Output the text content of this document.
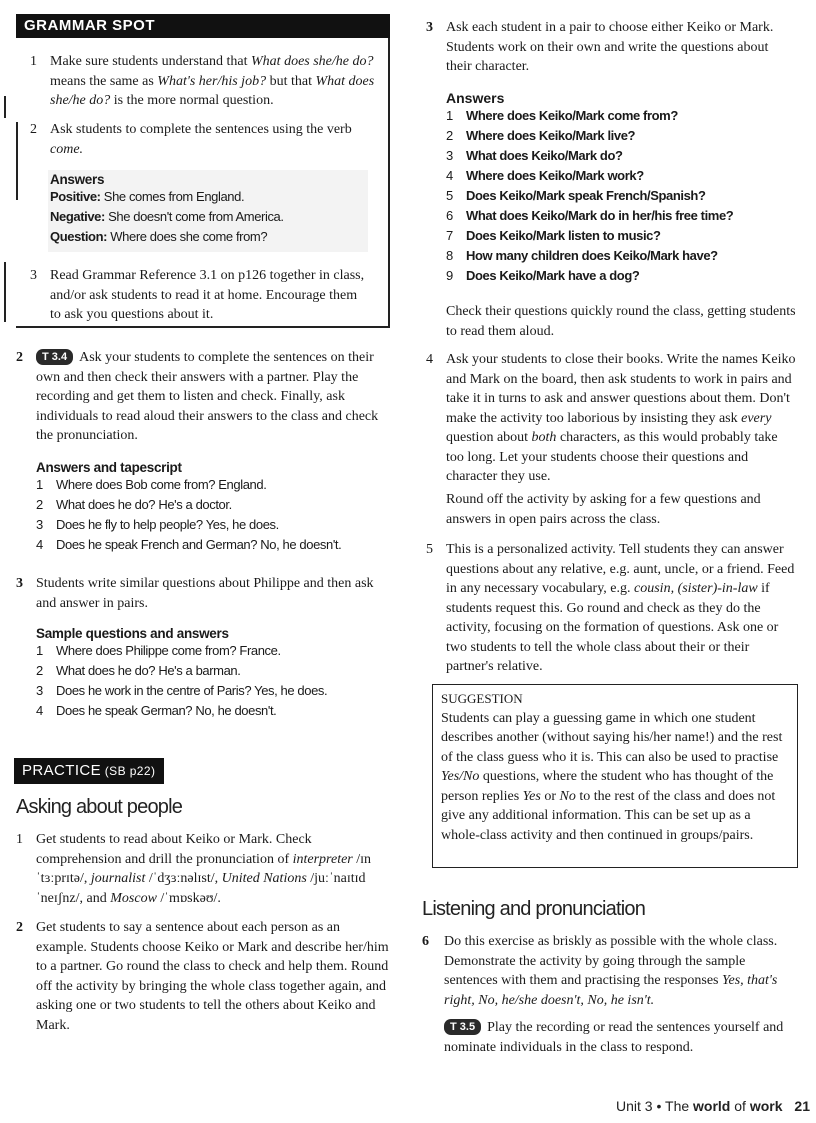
GRAMMAR SPOT
1 Make sure students understand that What does she/he do? means the same as What's her/his job? but that What does she/he do? is the more normal question.
2 Ask students to complete the sentences using the verb come.
Answers
Positive: She comes from England.
Negative: She doesn't come from America.
Question: Where does she come from?
3 Read Grammar Reference 3.1 on p126 together in class, and/or ask students to read it at home. Encourage them to ask you questions about it.
2	T 3.4 Ask your students to complete the sentences on their own and then check their answers with a partner. Play the recording and get them to listen and check. Finally, ask individuals to read aloud their answers to the class and check the pronunciation.
Answers and tapescript
1 Where does Bob come from? England.
2 What does he do? He's a doctor.
3 Does he fly to help people? Yes, he does.
4 Does he speak French and German? No, he doesn't.
3 Students write similar questions about Philippe and then ask and answer in pairs.
Sample questions and answers
1 Where does Philippe come from? France.
2 What does he do? He's a barman.
3 Does he work in the centre of Paris? Yes, he does.
4 Does he speak German? No, he doesn't.
PRACTICE (SB p22)
Asking about people
1 Get students to read about Keiko or Mark. Check comprehension and drill the pronunciation of interpreter /ɪnˈtɜːprɪtə/, journalist /ˈdʒɜːnəlɪst/, United Nations /juːˈnaɪtɪd ˈneɪʃnz/, and Moscow /ˈmɒskəʊ/.
2 Get students to say a sentence about each person as an example. Students choose Keiko or Mark and describe her/him to a partner. Go round the class to check and help them. Round off the activity by bringing the whole class together again, and asking one or two students to tell the others about Keiko and Mark.
3 Ask each student in a pair to choose either Keiko or Mark. Students work on their own and write the questions about their character.
Answers
1 Where does Keiko/Mark come from?
2 Where does Keiko/Mark live?
3 What does Keiko/Mark do?
4 Where does Keiko/Mark work?
5 Does Keiko/Mark speak French/Spanish?
6 What does Keiko/Mark do in her/his free time?
7 Does Keiko/Mark listen to music?
8 How many children does Keiko/Mark have?
9 Does Keiko/Mark have a dog?
Check their questions quickly round the class, getting students to read them aloud.
4 Ask your students to close their books. Write the names Keiko and Mark on the board, then ask students to work in pairs and take it in turns to ask and answer questions about them. Don't make the activity too laborious by insisting they ask every question about both characters, as this would probably take too long. Let your students choose their questions and character they use.
Round off the activity by asking for a few questions and answers in open pairs across the class.
5 This is a personalized activity. Tell students they can answer questions about any relative, e.g. aunt, uncle, or a friend. Feed in any necessary vocabulary, e.g. cousin, (sister)-in-law if students request this. Go round and check as they do the activity, focusing on the formation of questions. Ask one or two students to tell the whole class about their or their partner's relative.
SUGGESTION
Students can play a guessing game in which one student describes another (without saying his/her name!) and the rest of the class guess who it is. This can also be used to practise Yes/No questions, where the student who has thought of the person replies Yes or No to the rest of the class and does not give any additional information. This can be set up as a whole-class activity and then continued in groups/pairs.
Listening and pronunciation
6 Do this exercise as briskly as possible with the whole class. Demonstrate the activity by going through the sample sentences with them and practising the responses Yes, that's right, No, he/she doesn't, No, he isn't.
T 3.5 Play the recording or read the sentences yourself and nominate individuals in the class to respond.
Unit 3 • The world of work 21
